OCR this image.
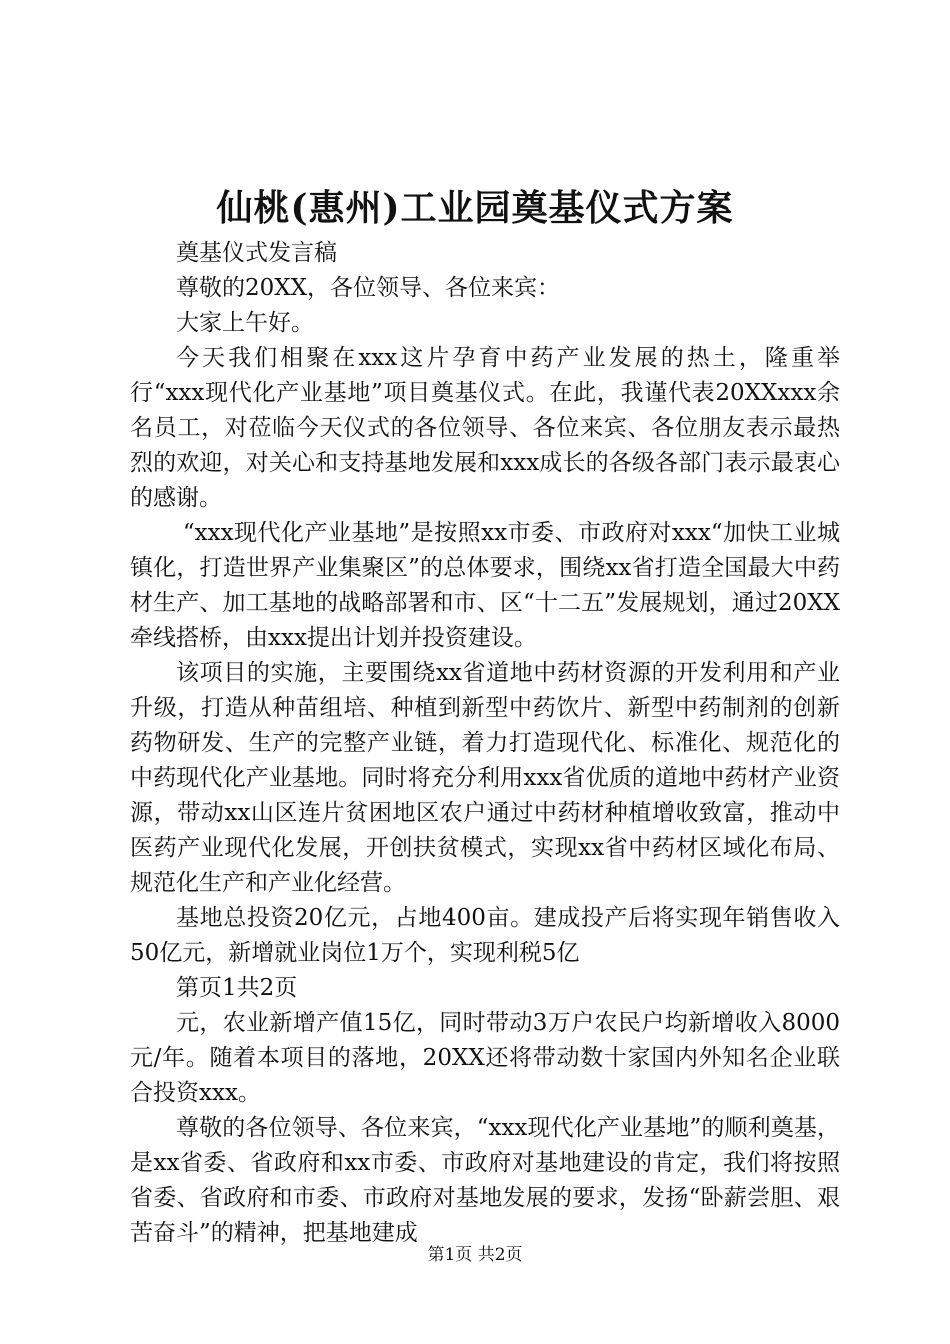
仙桃(惠州)工业园奠基仪式方案

奠基仪式发言稿

尊敬的20XX，各位领导、各位来宾：

大家上午好。

今天我们相聚在xxx这片孕育中药产业发展的热土，隆重举行“xxx现代化产业基地”项目奠基仪式。在此，我谨代表20XXxxx余名员工，对莅临今天仪式的各位领导、各位来宾、各位朋友表示最热烈的欢迎，对关心和支持基地发展和xxx成长的各级各部门表示最衷心的感谢。

“xxx现代化产业基地”是按照xx市委、市政府对xxx“加快工业城镇化，打造世界产业集聚区”的总体要求，围绕xx省打造全国最大中药材生产、加工基地的战略部署和市、区“十二五”发展规划，通过20XX牵线搭桥，由xxx提出计划并投资建设。

该项目的实施，主要围绕xx省道地中药材资源的开发利用和产业升级，打造从种苗组培、种植到新型中药饮片、新型中药制剂的创新药物研发、生产的完整产业链，着力打造现代化、标准化、规范化的中药现代化产业基地。同时将充分利用xxx省优质的道地中药材产业资源，带动xx山区连片贫困地区农户通过中药材种植增收致富，推动中医药产业现代化发展，开创扶贫模式，实现xx省中药材区域化布局、规范化生产和产业化经营。

基地总投资20亿元，占地400亩。建成投产后将实现年销售收入50亿元，新增就业岗位1万个，实现利税5亿

第页1共2页

元，农业新增产值15亿，同时带动3万户农民户均新增收入8000元/年。随着本项目的落地，20XX还将带动数十家国内外知名企业联合投资xxx。

尊敬的各位领导、各位来宾，“xxx现代化产业基地”的顺利奠基，是xx省委、省政府和xx市委、市政府对基地建设的肯定，我们将按照省委、省政府和市委、市政府对基地发展的要求，发扬“卧薪尝胆、艰苦奋斗”的精神，把基地建成

第1页 共2页
